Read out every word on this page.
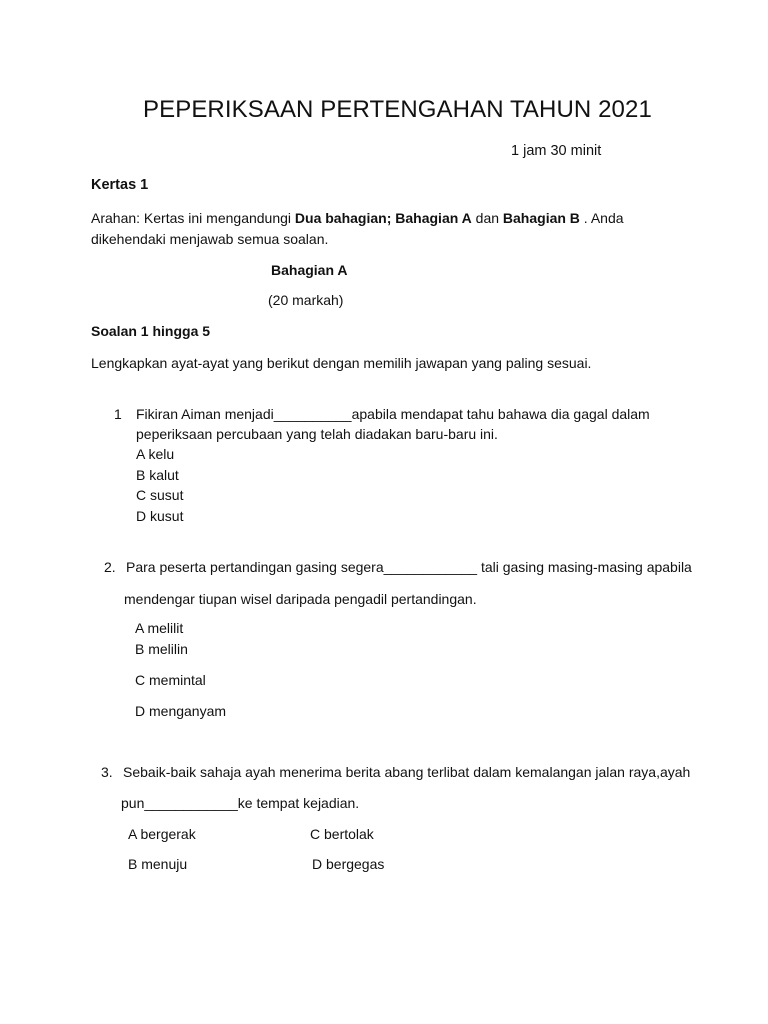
PEPERIKSAAN PERTENGAHAN TAHUN 2021
1 jam 30 minit
Kertas 1
Arahan: Kertas ini mengandungi Dua bahagian; Bahagian A dan Bahagian B . Anda dikehendaki menjawab semua soalan.
Bahagian A
(20 markah)
Soalan 1 hingga 5
Lengkapkan ayat-ayat yang berikut dengan memilih jawapan yang paling sesuai.
1 Fikiran Aiman menjadi__________apabila mendapat tahu bahawa dia gagal dalam
peperiksaan percubaan yang telah diadakan baru-baru ini.
A kelu
B kalut
C susut
D kusut
2. Para peserta pertandingan gasing segera____________ tali gasing masing-masing apabila
mendengar tiupan wisel daripada pengadil pertandingan.
A melilit
B melilin
C memintal
D menganyam
3. Sebaik-baik sahaja ayah menerima berita abang terlibat dalam kemalangan jalan raya,ayah
pun____________ke tempat kejadian.
A bergerak	C bertolak
B menuju	D bergegas
